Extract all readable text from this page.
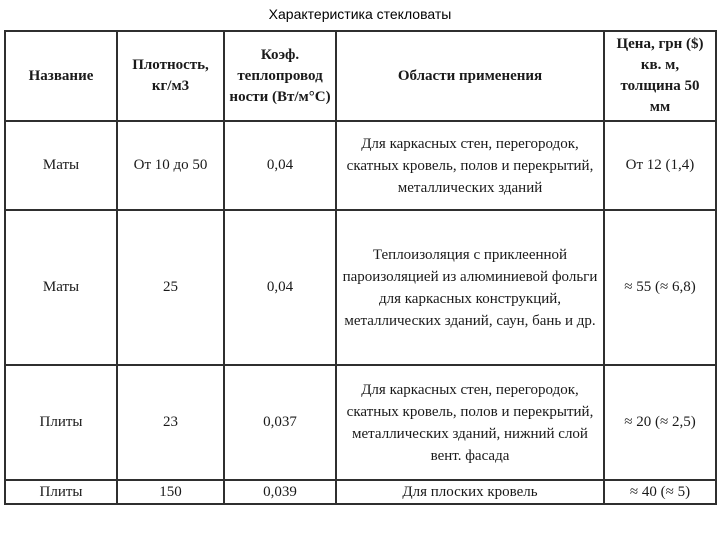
Характеристика стекловаты
Название	Плотность, кг/м3	Коэф. теплопровод ности (Вт/м°С)	Области применения	Цена, грн ($) кв. м, толщина 50 мм
Маты	От 10 до 50	0,04	Для каркасных стен, перегородок, скатных кровель, полов и перекрытий, металлических зданий	От 12 (1,4)
Маты	25	0,04	Теплоизоляция с приклеенной пароизоляцией из алюминиевой фольги для каркасных конструкций, металлических зданий, саун, бань и др.	≈ 55 (≈ 6,8)
Плиты	23	0,037	Для каркасных стен, перегородок, скатных кровель, полов и перекрытий, металлических зданий, нижний слой вент. фасада	≈ 20 (≈ 2,5)
Плиты	150	0,039	Для плоских кровель	≈ 40 (≈ 5)
